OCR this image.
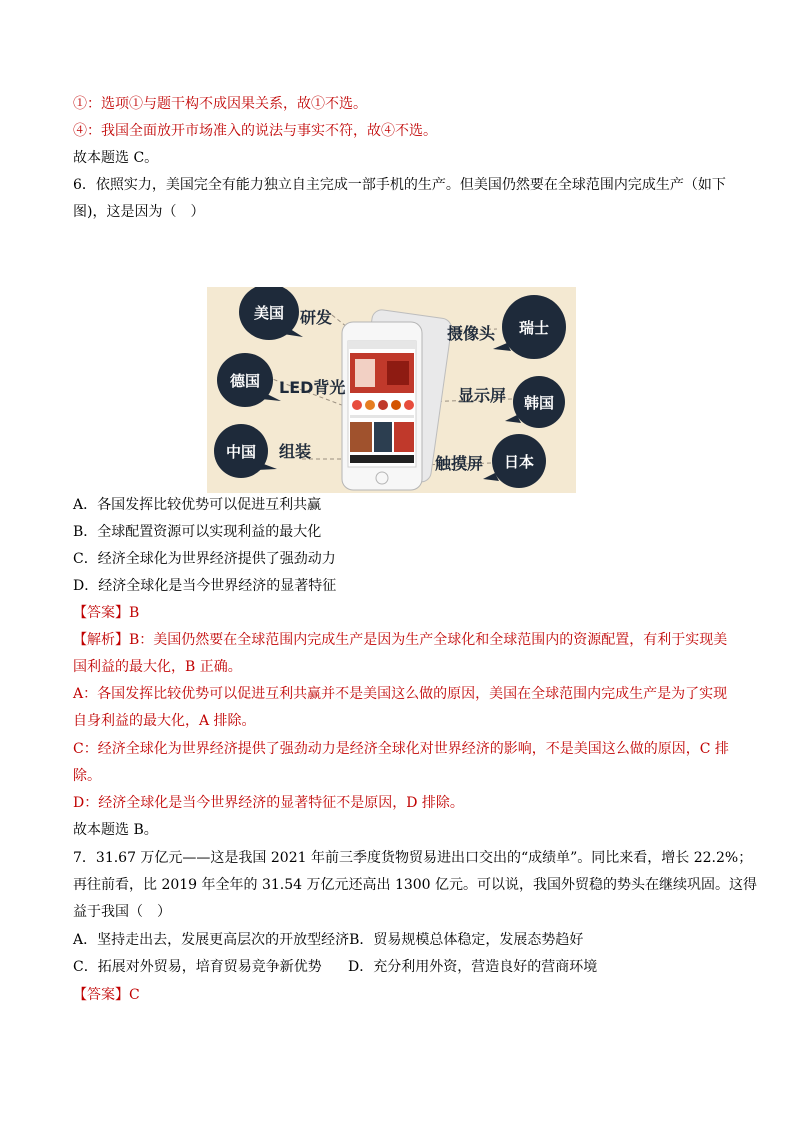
①：选项①与题干构不成因果关系，故①不选。
④：我国全面放开市场准入的说法与事实不符，故④不选。
故本题选 C。
6．依照实力，美国完全有能力独立自主完成一部手机的生产。但美国仍然要在全球范围内完成生产（如下
图)，这是因为（　）
美国 研发
德国 LED背光
中国 组装
摄像头 瑞士
显示屏 韩国
触摸屏 日本
A．各国发挥比较优势可以促进互利共赢
B．全球配置资源可以实现利益的最大化
C．经济全球化为世界经济提供了强劲动力
D．经济全球化是当今世界经济的显著特征
【答案】B
【解析】B：美国仍然要在全球范围内完成生产是因为生产全球化和全球范围内的资源配置，有利于实现美
国利益的最大化，B 正确。
A：各国发挥比较优势可以促进互利共赢并不是美国这么做的原因，美国在全球范围内完成生产是为了实现
自身利益的最大化，A 排除。
C：经济全球化为世界经济提供了强劲动力是经济全球化对世界经济的影响，不是美国这么做的原因，C 排
除。
D：经济全球化是当今世界经济的显著特征不是原因，D 排除。
故本题选 B。
7．31.67 万亿元——这是我国 2021 年前三季度货物贸易进出口交出的“成绩单”。同比来看，增长 22.2%；
再往前看，比 2019 年全年的 31.54 万亿元还高出 1300 亿元。可以说，我国外贸稳的势头在继续巩固。这得
益于我国（　）
A．坚持走出去，发展更高层次的开放型经济B．贸易规模总体稳定，发展态势趋好
C．拓展对外贸易，培育贸易竞争新优势 D．充分利用外资，营造良好的营商环境
【答案】C
